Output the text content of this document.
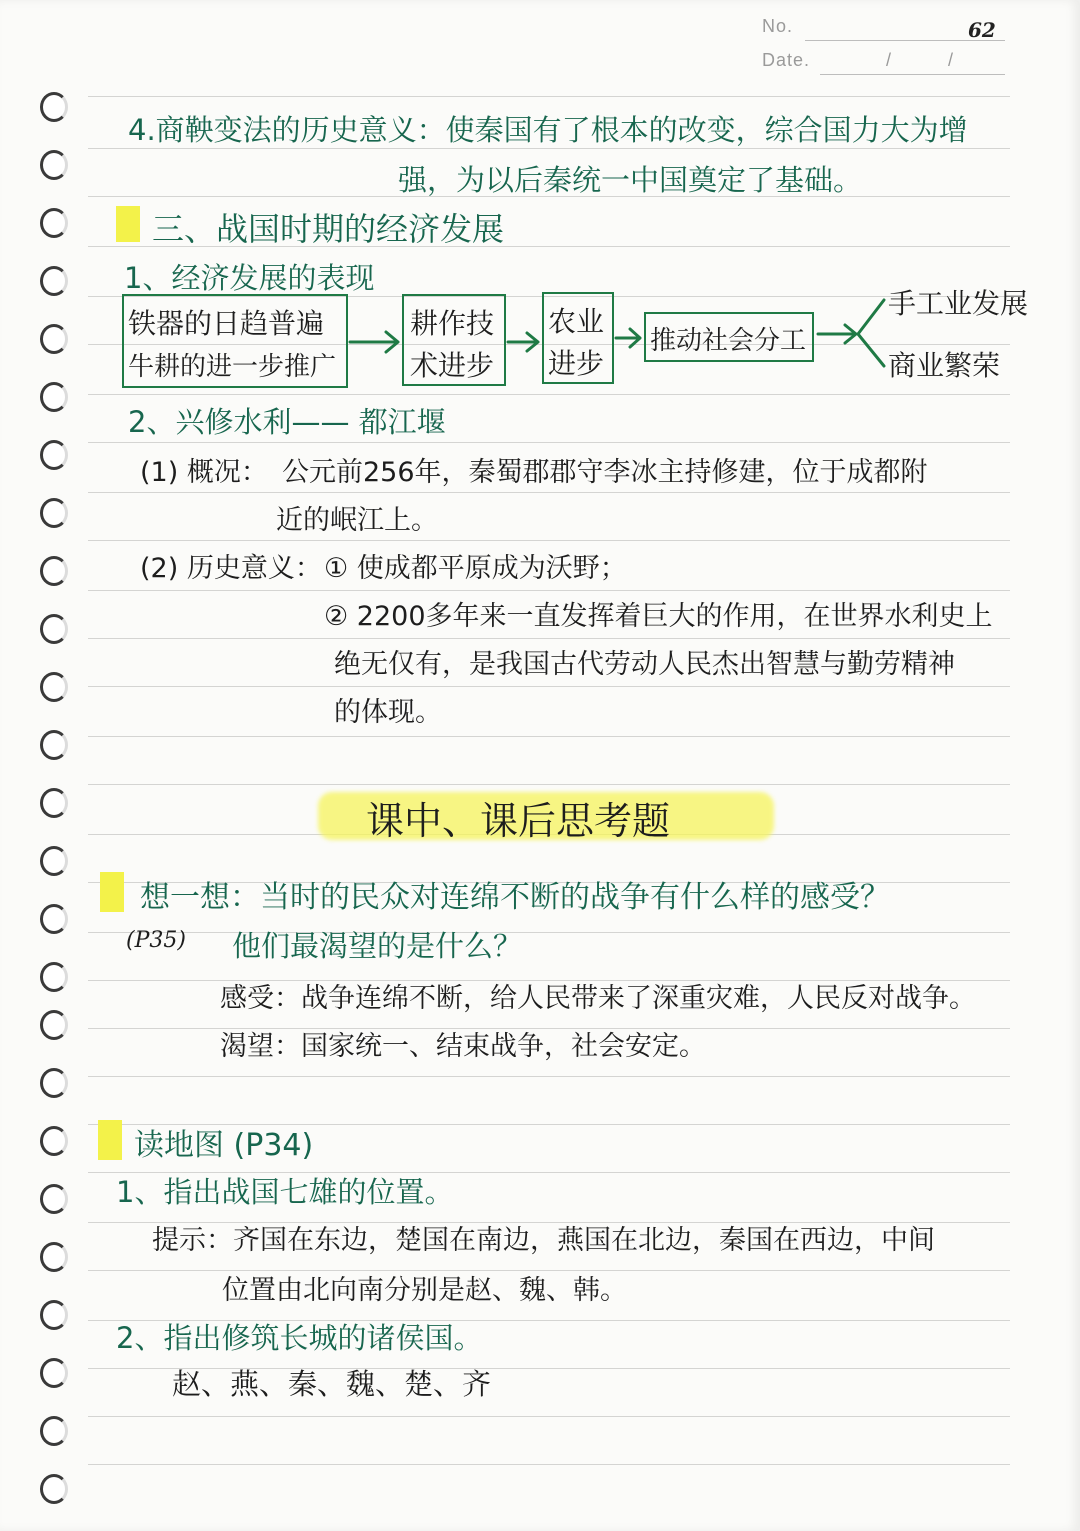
No.	62
Date.	/	/
4.商鞅变法的历史意义：使秦国有了根本的改变，综合国力大为增
强，为以后秦统一中国奠定了基础。
三、战国时期的经济发展
1、经济发展的表现
铁器的日趋普遍
牛耕的进一步推广
耕作技
术进步
农业
进步
推动社会分工
手工业发展
商业繁荣
2、兴修水利—— 都江堰
(1) 概况： 公元前256年，秦蜀郡郡守李冰主持修建，位于成都附
近的岷江上。
(2) 历史意义： ① 使成都平原成为沃野；
② 2200多年来一直发挥着巨大的作用，在世界水利史上
绝无仅有，是我国古代劳动人民杰出智慧与勤劳精神
的体现。
课中、课后思考题
想一想：当时的民众对连绵不断的战争有什么样的感受？
(P35) 他们最渴望的是什么？
感受：战争连绵不断，给人民带来了深重灾难，人民反对战争。
渴望：国家统一、结束战争，社会安定。
读地图 (P34)
1、指出战国七雄的位置。
提示：齐国在东边，楚国在南边，燕国在北边，秦国在西边，中间
位置由北向南分别是赵、魏、韩。
2、指出修筑长城的诸侯国。
赵、燕、秦、魏、楚、齐
